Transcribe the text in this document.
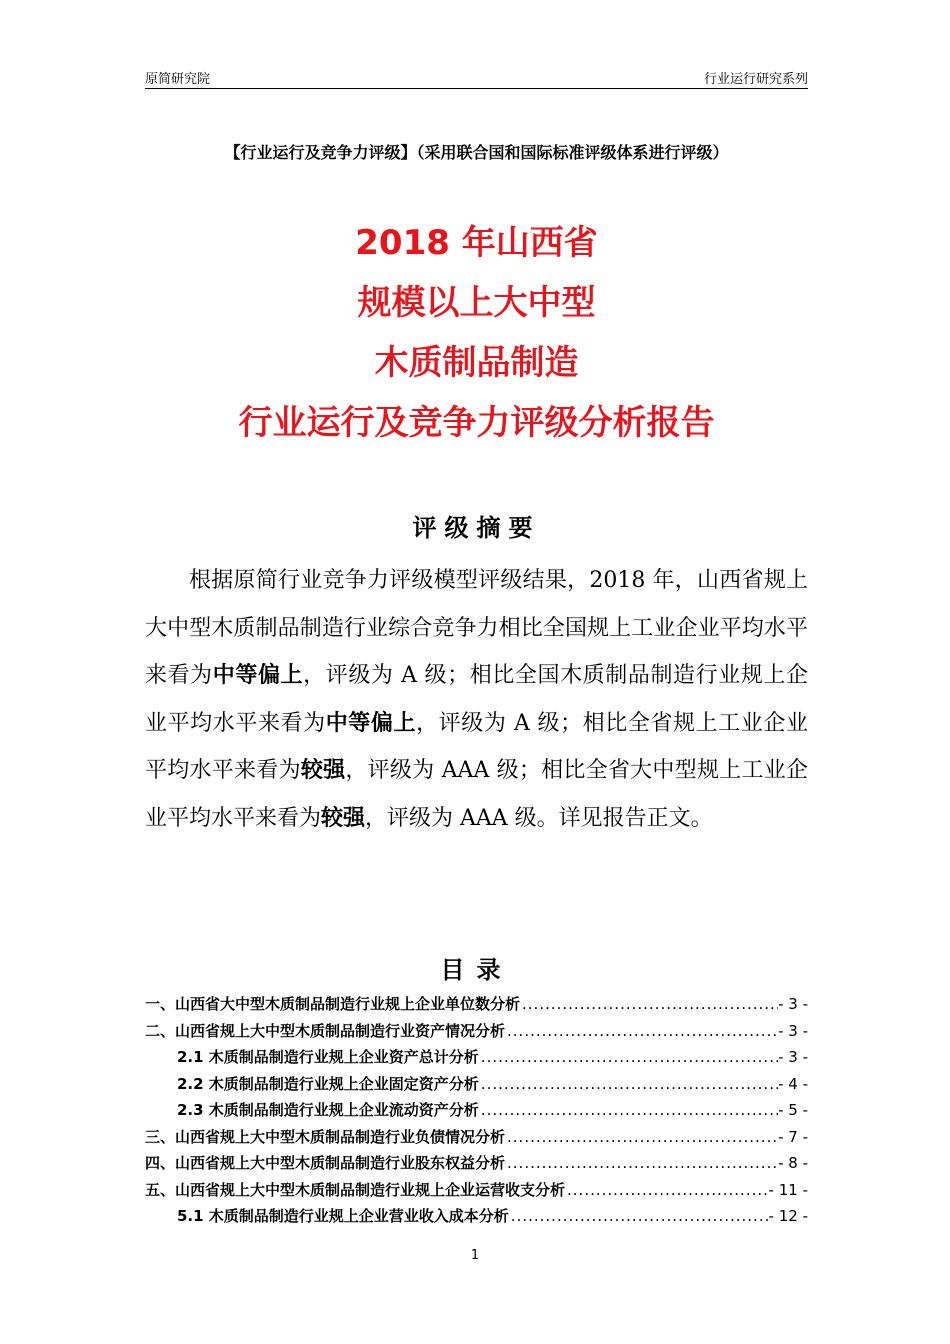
原简研究院	行业运行研究系列
【行业运行及竞争力评级】（采用联合国和国际标准评级体系进行评级）
2018 年山西省
规模以上大中型
木质制品制造
行业运行及竞争力评级分析报告
评级摘要
根据原简行业竞争力评级模型评级结果，2018 年，山西省规上大中型木质制品制造行业综合竞争力相比全国规上工业企业平均水平来看为中等偏上，评级为 A 级；相比全国木质制品制造行业规上企业平均水平来看为中等偏上，评级为 A 级；相比全省规上工业企业平均水平来看为较强，评级为 AAA 级；相比全省大中型规上工业企业平均水平来看为较强，评级为 AAA 级。详见报告正文。
目录
一、山西省大中型木质制品制造行业规上企业单位数分析 .....	- 3 -
二、山西省规上大中型木质制品制造行业资产情况分析 .....	- 3 -
2.1 木质制品制造行业规上企业资产总计分析 .....	- 3 -
2.2 木质制品制造行业规上企业固定资产分析 .....	- 4 -
2.3 木质制品制造行业规上企业流动资产分析 .....	- 5 -
三、山西省规上大中型木质制品制造行业负债情况分析 .....	- 7 -
四、山西省规上大中型木质制品制造行业股东权益分析 .....	- 8 -
五、山西省规上大中型木质制品制造行业规上企业运营收支分析 .....	- 11 -
5.1 木质制品制造行业规上企业营业收入成本分析 .....	- 12 -
1
